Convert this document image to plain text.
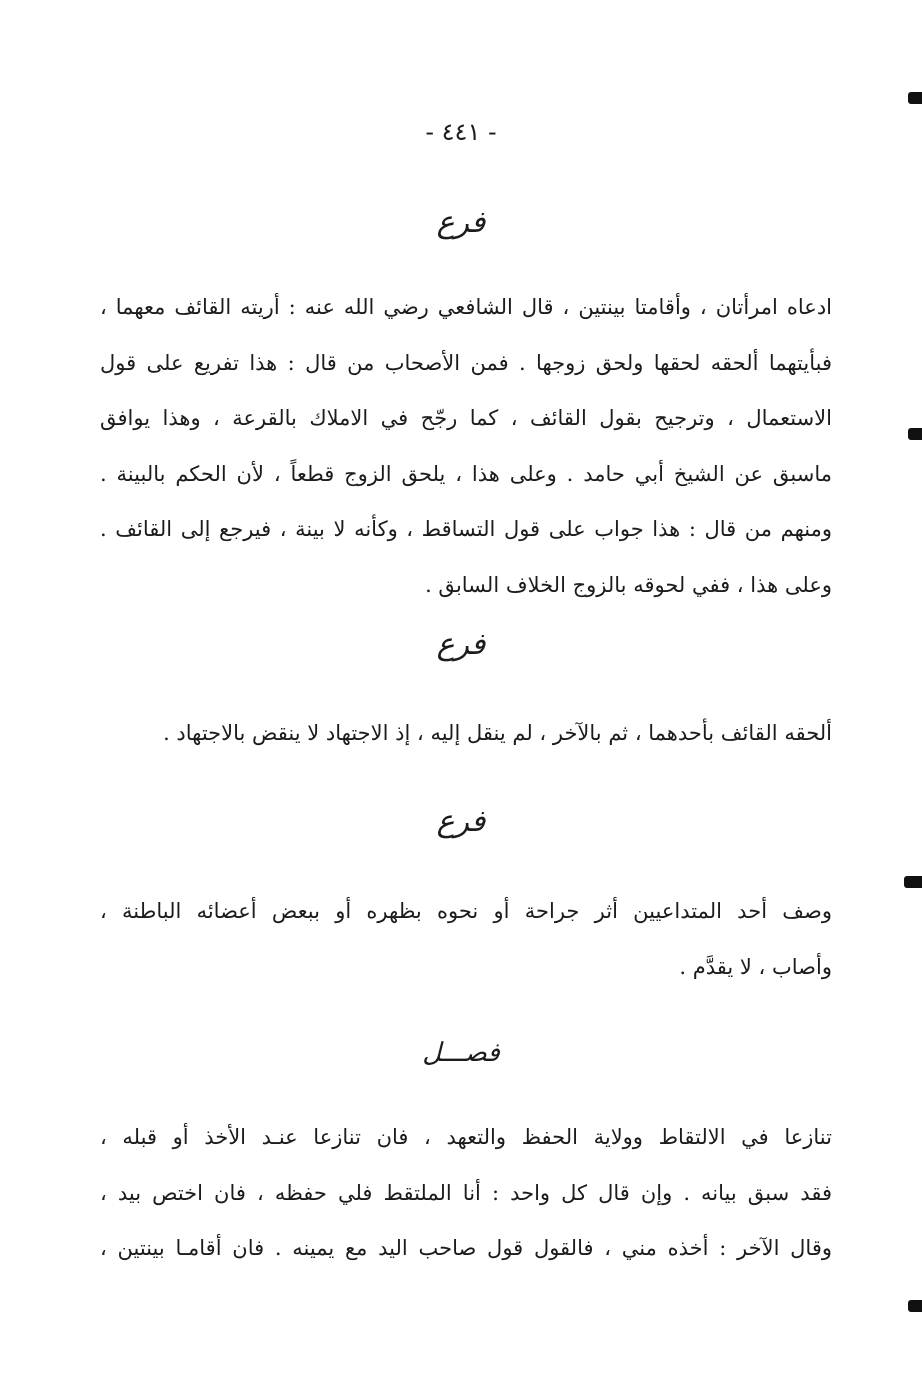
- ٤٤١ -
فرع
ادعاه امرأتان ، وأقامتا بينتين ، قال الشافعي رضي الله عنه : أريته القائف معهما ،
فبأيتهما ألحقه لحقها ولحق زوجها . فمن الأصحاب من قال : هذا تفريع على قول
الاستعمال ، وترجيح بقول القائف ، كما رجّح في الاملاك بالقرعة ، وهذا يوافق
ماسبق عن الشيخ أبي حامد . وعلى هذا ، يلحق الزوج قطعاً ، لأن الحكم بالبينة .
ومنهم من قال : هذا جواب على قول التساقط ، وكأنه لا بينة ، فيرجع إلى القائف .
وعلى هذا ، ففي لحوقه بالزوج الخلاف السابق .
فرع
ألحقه القائف بأحدهما ، ثم بالآخر ، لم ينقل إليه ، إذ الاجتهاد لا ينقض بالاجتهاد .
فرع
وصف أحد المتداعيين أثر جراحة أو نحوه بظهره أو ببعض أعضائه الباطنة ،
وأصاب ، لا يقدَّم .
فصـــل
تنازعا في الالتقاط وولاية الحفظ والتعهد ، فان تنازعا عنـد الأخذ أو قبله ،
فقد سبق بيانه . وإن قال كل واحد : أنا الملتقط فلي حفظه ، فان اختص بيد ،
وقال الآخر : أخذه مني ، فالقول قول صاحب اليد مع يمينه . فان أقامـا بينتين ،
